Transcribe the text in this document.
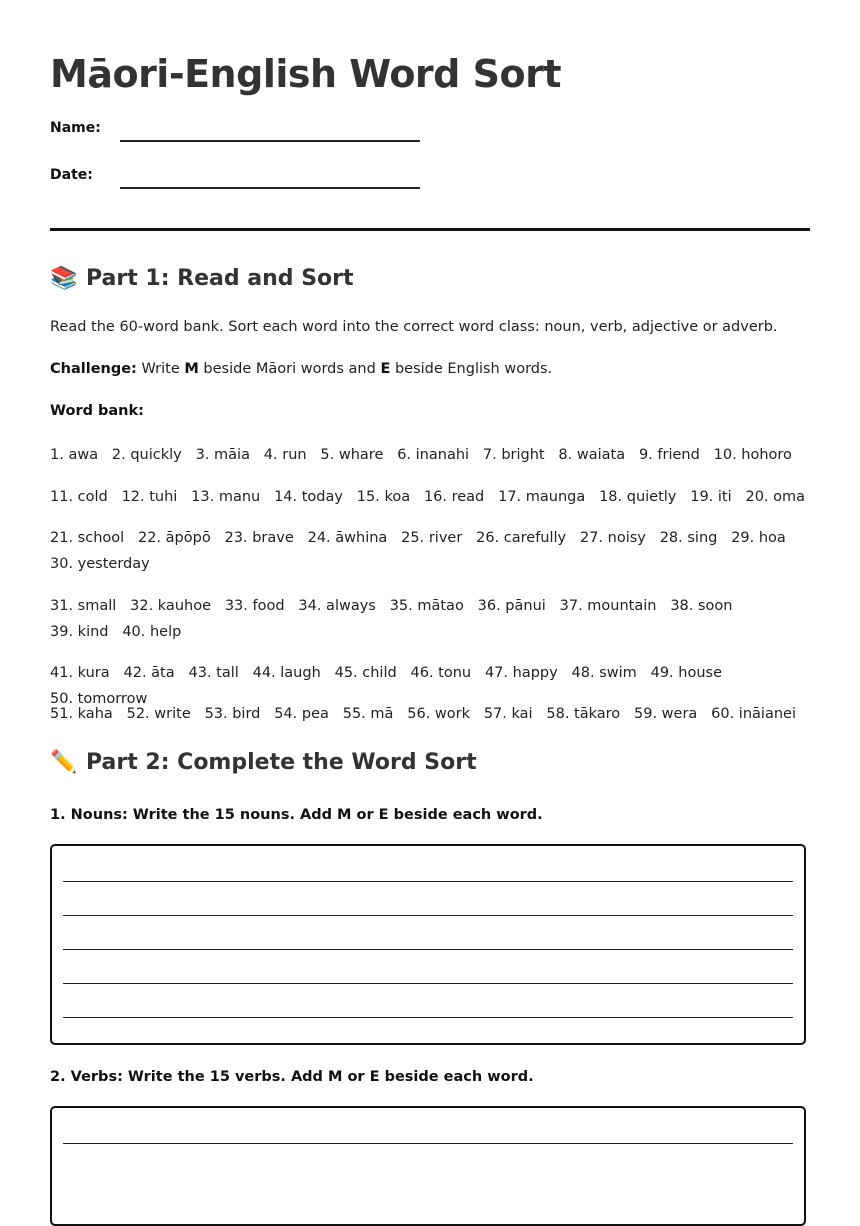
Māori-English Word Sort
Name:
Date:
📚 Part 1: Read and Sort

Read the 60-word bank. Sort each word into the correct word class: noun, verb, adjective or adverb.

Challenge: Write M beside Māori words and E beside English words.

Word bank:

1. awa 2. quickly 3. māia 4. run 5. whare 6. inanahi 7. bright 8. waiata 9. friend 10. hohoro
11. cold 12. tuhi 13. manu 14. today 15. koa 16. read 17. maunga 18. quietly 19. iti 20. oma
21. school 22. āpōpō 23. brave 24. āwhina 25. river 26. carefully 27. noisy 28. sing 29. hoa   30. yesterday
31. small 32. kauhoe 33. food 34. always 35. mātao 36. pānui 37. mountain 38. soon   39. kind 40. help
41. kura 42. āta 43. tall 44. laugh 45. child 46. tonu 47. happy 48. swim 49. house   50. tomorrow
51. kaha 52. write 53. bird 54. pea 55. mā 56. work 57. kai 58. tākaro 59. wera 60. ināianei
✏️ Part 2: Complete the Word Sort
1. Nouns: Write the 15 nouns. Add M or E beside each word.
2. Verbs: Write the 15 verbs. Add M or E beside each word.
